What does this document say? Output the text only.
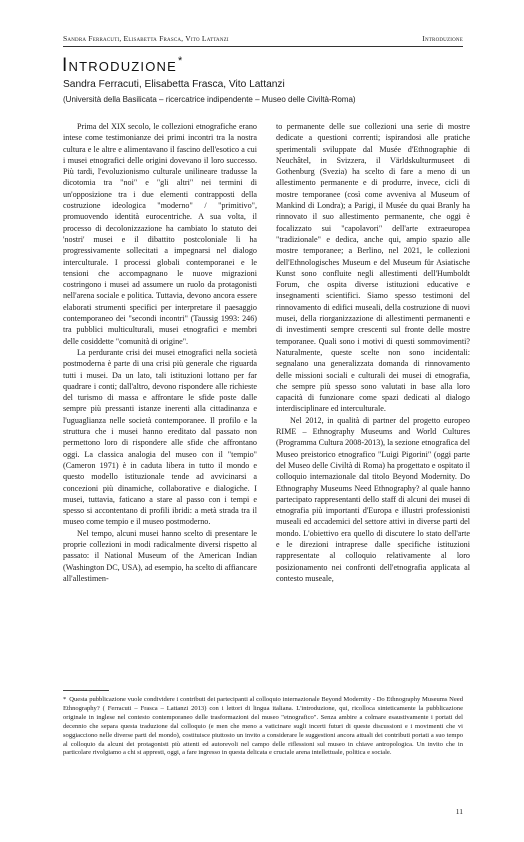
Sandra Ferracuti, Elisabetta Frasca, Vito Lattanzi	Introduzione
Introduzione*
Sandra Ferracuti, Elisabetta Frasca, Vito Lattanzi
(Università della Basilicata – ricercatrice indipendente – Museo delle Civiltà-Roma)

Prima del XIX secolo, le collezioni etnografiche erano intese come testimonianze dei primi incontri tra la nostra cultura e le altre e alimentavano il fascino dell'esotico a cui i musei etnografici delle origini dovevano il loro successo. Più tardi, l'evoluzionismo culturale unilineare tradusse la dicotomia tra "noi" e "gli altri" nei termini di un'opposizione tra i due elementi contrapposti della costruzione ideologica "moderno" / "primitivo", promuovendo identità eurocentriche. A sua volta, il processo di decolonizzazione ha cambiato lo statuto dei 'nostri' musei e il dibattito postcoloniale li ha progressivamente sollecitati a impegnarsi nel dialogo interculturale. I processi globali contemporanei e le tensioni che accompagnano le nuove migrazioni costringono i musei ad assumere un ruolo da protagonisti nell'arena sociale e politica. Tuttavia, devono ancora essere elaborati strumenti specifici per interpretare il paesaggio contemporaneo dei "secondi incontri" (Taussig 1993: 246) tra pubblici multiculturali, musei etnografici e membri delle cosiddette "comunità di origine".

La perdurante crisi dei musei etnografici nella società postmoderna è parte di una crisi più generale che riguarda tutti i musei. Da un lato, tali istituzioni lottano per far quadrare i conti; dall'altro, devono rispondere alle richieste del turismo di massa e affrontare le sfide poste dalle sempre più pressanti istanze inerenti alla cittadinanza e l'uguaglianza nelle società contemporanee. Il profilo e la struttura che i musei hanno ereditato dal passato non permettono loro di rispondere alle sfide che affrontano oggi. La classica analogia del museo con il "tempio" (Cameron 1971) è in caduta libera in tutto il mondo e questo modello istituzionale tende ad avvicinarsi a concezioni più dinamiche, collaborative e dialogiche. I musei, tuttavia, faticano a stare al passo con i tempi e spesso si accontentano di profili ibridi: a metà strada tra il museo come tempio e il museo postmoderno.

Nel tempo, alcuni musei hanno scelto di presentare le proprie collezioni in modi radicalmente diversi rispetto al passato: il National Museum of the American Indian (Washington DC, USA), ad esempio, ha scelto di affiancare all'allestimen-

to permanente delle sue collezioni una serie di mostre dedicate a questioni correnti; ispirandosi alle pratiche sperimentali sviluppate dal Musée d'Ethnographie di Neuchâtel, in Svizzera, il Världskulturmuseet di Gothenburg (Svezia) ha scelto di fare a meno di un allestimento permanente e di produrre, invece, cicli di mostre temporanee (così come avveniva al Museum of Mankind di Londra); a Parigi, il Musée du quai Branly ha rinnovato il suo allestimento permanente, che oggi è focalizzato sui "capolavori" dell'arte extraeuropea "tradizionale" e dedica, anche qui, ampio spazio alle mostre temporanee; a Berlino, nel 2021, le collezioni dell'Ethnologisches Museum e del Museum für Asiatische Kunst sono confluite negli allestimenti dell'Humboldt Forum, che ospita diverse istituzioni educative e insegnamenti scientifici. Siamo spesso testimoni del rinnovamento di edifici museali, della costruzione di nuovi musei, della riorganizzazione di allestimenti permanenti e di investimenti sempre crescenti sul fronte delle mostre temporanee. Quali sono i motivi di questi sommovimenti? Naturalmente, queste scelte non sono incidentali: segnalano una generalizzata domanda di rinnovamento delle missioni sociali e culturali dei musei di etnografia, che sempre più spesso sono valutati in base alla loro capacità di funzionare come spazi dedicati al dialogo interdisciplinare ed interculturale.

Nel 2012, in qualità di partner del progetto europeo RIME – Ethnography Museums and World Cultures (Programma Cultura 2008-2013), la sezione etnografica del Museo preistorico etnografico "Luigi Pigorini" (oggi parte del Museo delle Civiltà di Roma) ha progettato e ospitato il colloquio internazionale dal titolo Beyond Modernity. Do Ethnography Museums Need Ethnography? al quale hanno partecipato rappresentanti dello staff di alcuni dei musei di etnografia più importanti d'Europa e illustri professionisti museali ed accademici del settore attivi in diverse parti del mondo. L'obiettivo era quello di discutere lo stato dell'arte e le direzioni intraprese dalle specifiche istituzioni rappresentate al colloquio relativamente al loro posizionamento nei confronti dell'etnografia applicata al contesto museale,

* Questa pubblicazione vuole condividere i contributi dei partecipanti al colloquio internazionale Beyond Modernity - Do Ethnography Museums Need Ethnography? ( Ferracuti – Frasca – Lattanzi 2013) con i lettori di lingua italiana. L'introduzione, qui, ricolloca sinteticamente la pubblicazione originale in inglese nel contesto contemporaneo delle trasformazioni del museo "etnografico". Senza ambire a colmare esaustivamente i portati del decennio che separa questa traduzione dal colloquio (e men che meno a vaticinare sugli incerti futuri di queste discussioni e i movimenti che vi soggiacciono nelle diverse parti del mondo), costituisce piuttosto un invito a considerare le suggestioni ancora attuali dei contributi portati a suo tempo al colloquio da alcuni dei protagonisti più attenti ed autorevoli nel campo delle riflessioni sul museo in chiave antropologica. Un invito che in particolare rivolgiamo a chi si appresti, oggi, a fare ingresso in questa delicata e cruciale arena intellettuale, politica e sociale.
11
